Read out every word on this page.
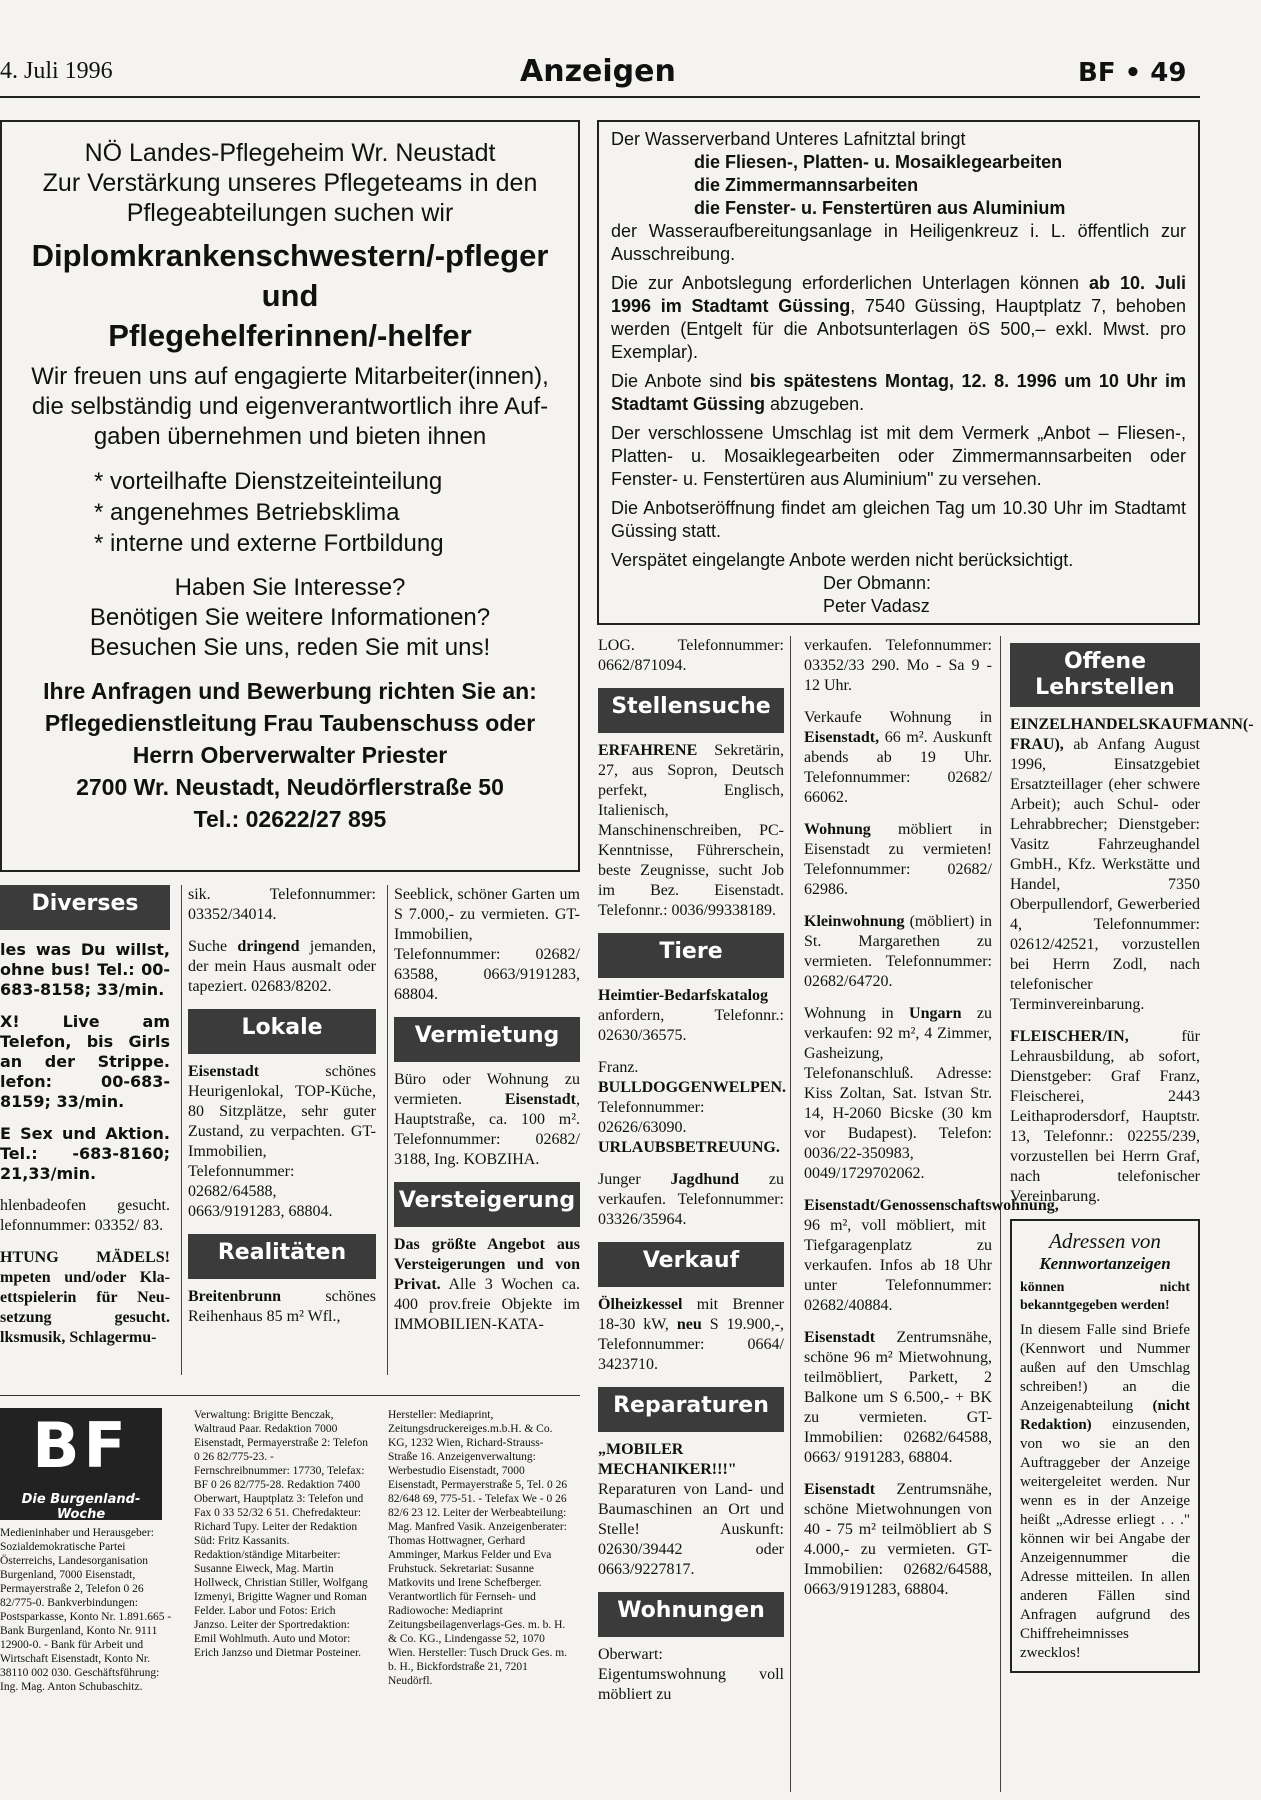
4. Juli 1996	Anzeigen	BF • 49

NÖ Landes-Pflegeheim Wr. Neustadt

Zur Verstärkung unseres Pflegeteams in den

Pflegeabteilungen suchen wir

Diplomkrankenschwestern/-pfleger

und

Pflegehelferinnen/-helfer

Wir freuen uns auf engagierte Mitarbeiter(innen),

die selbständig und eigenverantwortlich ihre Auf-

gaben übernehmen und bieten ihnen

* vorteilhafte Dienstzeiteinteilung

* angenehmes Betriebsklima

* interne und externe Fortbildung

Haben Sie Interesse?

Benötigen Sie weitere Informationen?

Besuchen Sie uns, reden Sie mit uns!

Ihre Anfragen und Bewerbung richten Sie an:

Pflegedienstleitung Frau Taubenschuss oder

Herrn Oberverwalter Priester

2700 Wr. Neustadt, Neudörflerstraße 50

Tel.: 02622/27 895

Der Wasserverband Unteres Lafnitztal bringt

die Fliesen-, Platten- u. Mosaiklegearbeiten

die Zimmermannsarbeiten

die Fenster- u. Fenstertüren aus Aluminium

der Wasseraufbereitungsanlage in Heiligenkreuz i. L. öffentlich zur Ausschreibung.

Die zur Anbotslegung erforderlichen Unterlagen können ab 10. Juli 1996 im Stadtamt Güssing, 7540 Güssing, Hauptplatz 7, behoben werden (Entgelt für die Anbotsunterlagen öS 500,– exkl. Mwst. pro Exemplar).

Die Anbote sind bis spätestens Montag, 12. 8. 1996 um 10 Uhr im Stadtamt Güssing abzugeben.

Der verschlossene Umschlag ist mit dem Vermerk „Anbot – Fliesen-, Platten- u. Mosaiklegearbeiten oder Zimmermannsarbeiten oder Fenster- u. Fenstertüren aus Aluminium" zu versehen.

Die Anbotseröffnung findet am gleichen Tag um 10.30 Uhr im Stadtamt Güssing statt.

Verspätet eingelangte Anbote werden nicht berücksichtigt.

Der Obmann:

Peter Vadasz

Diverses

les was Du willst, ohne bus! Tel.: 00-683-8158; 33/min.

X! Live am Telefon, bis Girls an der Strippe. lefon: 00-683-8159; 33/min.

E Sex und Aktion. Tel.: -683-8160; 21,33/min.

hlenbadeofen gesucht. lefonnummer: 03352/ 83.

HTUNG MÄDELS! mpeten und/oder Kla- ettspielerin für Neu- setzung gesucht. lksmusik, Schlagermu-

sik. Telefonnummer: 03352/34014.

Suche dringend jemanden, der mein Haus ausmalt oder tapeziert. 02683/8202.

Lokale

Eisenstadt schönes Heurigenlokal, TOP-Küche, 80 Sitzplätze, sehr guter Zustand, zu verpachten. GT-Immobilien, Telefonnummer: 02682/64588, 0663/9191283, 68804.

Realitäten

Breitenbrunn schönes Reihenhaus 85 m² Wfl.,

Seeblick, schöner Garten um S 7.000,- zu vermieten. GT-Immobilien, Telefonnummer: 02682/ 63588, 0663/9191283, 68804.

Vermietung

Büro oder Wohnung zu vermieten. Eisenstadt, Hauptstraße, ca. 100 m². Telefonnummer: 02682/ 3188, Ing. KOBZIHA.

Versteigerung

Das größte Angebot aus Versteigerungen und von Privat. Alle 3 Wochen ca. 400 prov.freie Objekte im IMMOBILIEN-KATA-

LOG. Telefonnummer: 0662/871094.

Stellensuche

ERFAHRENE Sekretärin, 27, aus Sopron, Deutsch perfekt, Englisch, Italienisch, Manschinenschreiben, PC-Kenntnisse, Führerschein, beste Zeugnisse, sucht Job im Bez. Eisenstadt. Telefonnr.: 0036/99338189.

Tiere

Heimtier-Bedarfskatalog anfordern, Telefonnr.: 02630/36575.

Franz. BULLDOGGENWELPEN. Telefonnummer: 02626/63090. URLAUBSBETREUUNG.

Junger Jagdhund zu verkaufen. Telefonnummer: 03326/35964.

Verkauf

Ölheizkessel mit Brenner 18-30 kW, neu S 19.900,-, Telefonnummer: 0664/ 3423710.

Reparaturen

„MOBILER MECHANIKER!!!" Reparaturen von Land- und Baumaschinen an Ort und Stelle! Auskunft: 02630/39442 oder 0663/9227817.

Wohnungen

Oberwart: Eigentumswohnung voll möbliert zu

verkaufen. Telefonnummer: 03352/33 290. Mo - Sa 9 - 12 Uhr.

Verkaufe Wohnung in Eisenstadt, 66 m². Auskunft abends ab 19 Uhr. Telefonnummer: 02682/ 66062.

Wohnung möbliert in Eisenstadt zu vermieten! Telefonnummer: 02682/ 62986.

Kleinwohnung (möbliert) in St. Margarethen zu vermieten. Telefonnummer: 02682/64720.

Wohnung in Ungarn zu verkaufen: 92 m², 4 Zimmer, Gasheizung, Telefonanschluß. Adresse: Kiss Zoltan, Sat. Istvan Str. 14, H-2060 Bicske (30 km vor Budapest). Telefon: 0036/22-350983, 0049/1729702062.

Eisenstadt/Genossenschaftswohnung, 96 m², voll möbliert, mit Tiefgaragenplatz zu verkaufen. Infos ab 18 Uhr unter Telefonnummer: 02682/40884.

Eisenstadt Zentrumsnähe, schöne 96 m² Mietwohnung, teilmöbliert, Parkett, 2 Balkone um S 6.500,- + BK zu vermieten. GT-Immobilien: 02682/64588, 0663/ 9191283, 68804.

Eisenstadt Zentrumsnähe, schöne Mietwohnungen von 40 - 75 m² teilmöbliert ab S 4.000,- zu vermieten. GT-Immobilien: 02682/64588, 0663/9191283, 68804.

Offene Lehrstellen

EINZELHANDELSKAUFMANN(-FRAU), ab Anfang August 1996, Einsatzgebiet Ersatzteillager (eher schwere Arbeit); auch Schul- oder Lehrabbrecher; Dienstgeber: Vasitz Fahrzeughandel GmbH., Kfz. Werkstätte und Handel, 7350 Oberpullendorf, Gewerberied 4, Telefonnummer: 02612/42521, vorzustellen bei Herrn Zodl, nach telefonischer Terminvereinbarung.

FLEISCHER/IN, für Lehrausbildung, ab sofort, Dienstgeber: Graf Franz, Fleischerei, 2443 Leithaprodersdorf, Hauptstr. 13, Telefonnr.: 02255/239, vorzustellen bei Herrn Graf, nach telefonischer Vereinbarung.

Adressen von
Kennwortanzeigen
können nicht bekanntgegeben werden!
In diesem Falle sind Briefe (Kennwort und Nummer außen auf den Umschlag schreiben!) an die Anzeigenabteilung (nicht Redaktion) einzusenden, von wo sie an den Auftraggeber der Anzeige weitergeleitet werden. Nur wenn es in der Anzeige heißt „Adresse erliegt . . ." können wir bei Angabe der Anzeigennummer die Adresse mitteilen. In allen anderen Fällen sind Anfragen aufgrund des Chiffreheimnisses zwecklos!
BF
Die Burgenland-Woche
Medieninhaber und Herausgeber: Sozialdemokratische Partei Österreichs, Landesorganisation Burgenland, 7000 Eisenstadt, Permayerstraße 2, Telefon 0 26 82/775-0. Bankverbindungen: Postsparkasse, Konto Nr. 1.891.665 - Bank Burgenland, Konto Nr. 9111 12900-0. - Bank für Arbeit und Wirtschaft Eisenstadt, Konto Nr. 38110 002 030. Geschäftsführung: Ing. Mag. Anton Schubaschitz.
Verwaltung: Brigitte Benczak, Waltraud Paar. Redaktion 7000 Eisenstadt, Permayerstraße 2: Telefon 0 26 82/775-23. - Fernschreibnummer: 17730, Telefax: BF 0 26 82/775-28. Redaktion 7400 Oberwart, Hauptplatz 3: Telefon und Fax 0 33 52/32 6 51. Chefredakteur: Richard Tupy. Leiter der Redaktion Süd: Fritz Kassanits. Redaktion/ständige Mitarbeiter: Susanne Eiweck, Mag. Martin Hollweck, Christian Stiller, Wolfgang Izmenyi, Brigitte Wagner und Roman Felder. Labor und Fotos: Erich Janzso. Leiter der Sportredaktion: Emil Wohlmuth. Auto und Motor: Erich Janzso und Dietmar Posteiner.
Hersteller: Mediaprint, Zeitungsdruckereiges.m.b.H. & Co. KG, 1232 Wien, Richard-Strauss-Straße 16. Anzeigenverwaltung: Werbestudio Eisenstadt, 7000 Eisenstadt, Permayerstraße 5, Tel. 0 26 82/648 69, 775-51. - Telefax We - 0 26 82/6 23 12. Leiter der Werbeabteilung: Mag. Manfred Vasik. Anzeigenberater: Thomas Hottwagner, Gerhard Amminger, Markus Felder und Eva Fruhstuck. Sekretariat: Susanne Matkovits und Irene Schefberger. Verantwortlich für Fernseh- und Radiowoche: Mediaprint Zeitungsbeilagenverlags-Ges. m. b. H. & Co. KG., Lindengasse 52, 1070 Wien. Hersteller: Tusch Druck Ges. m. b. H., Bickfordstraße 21, 7201 Neudörfl.
